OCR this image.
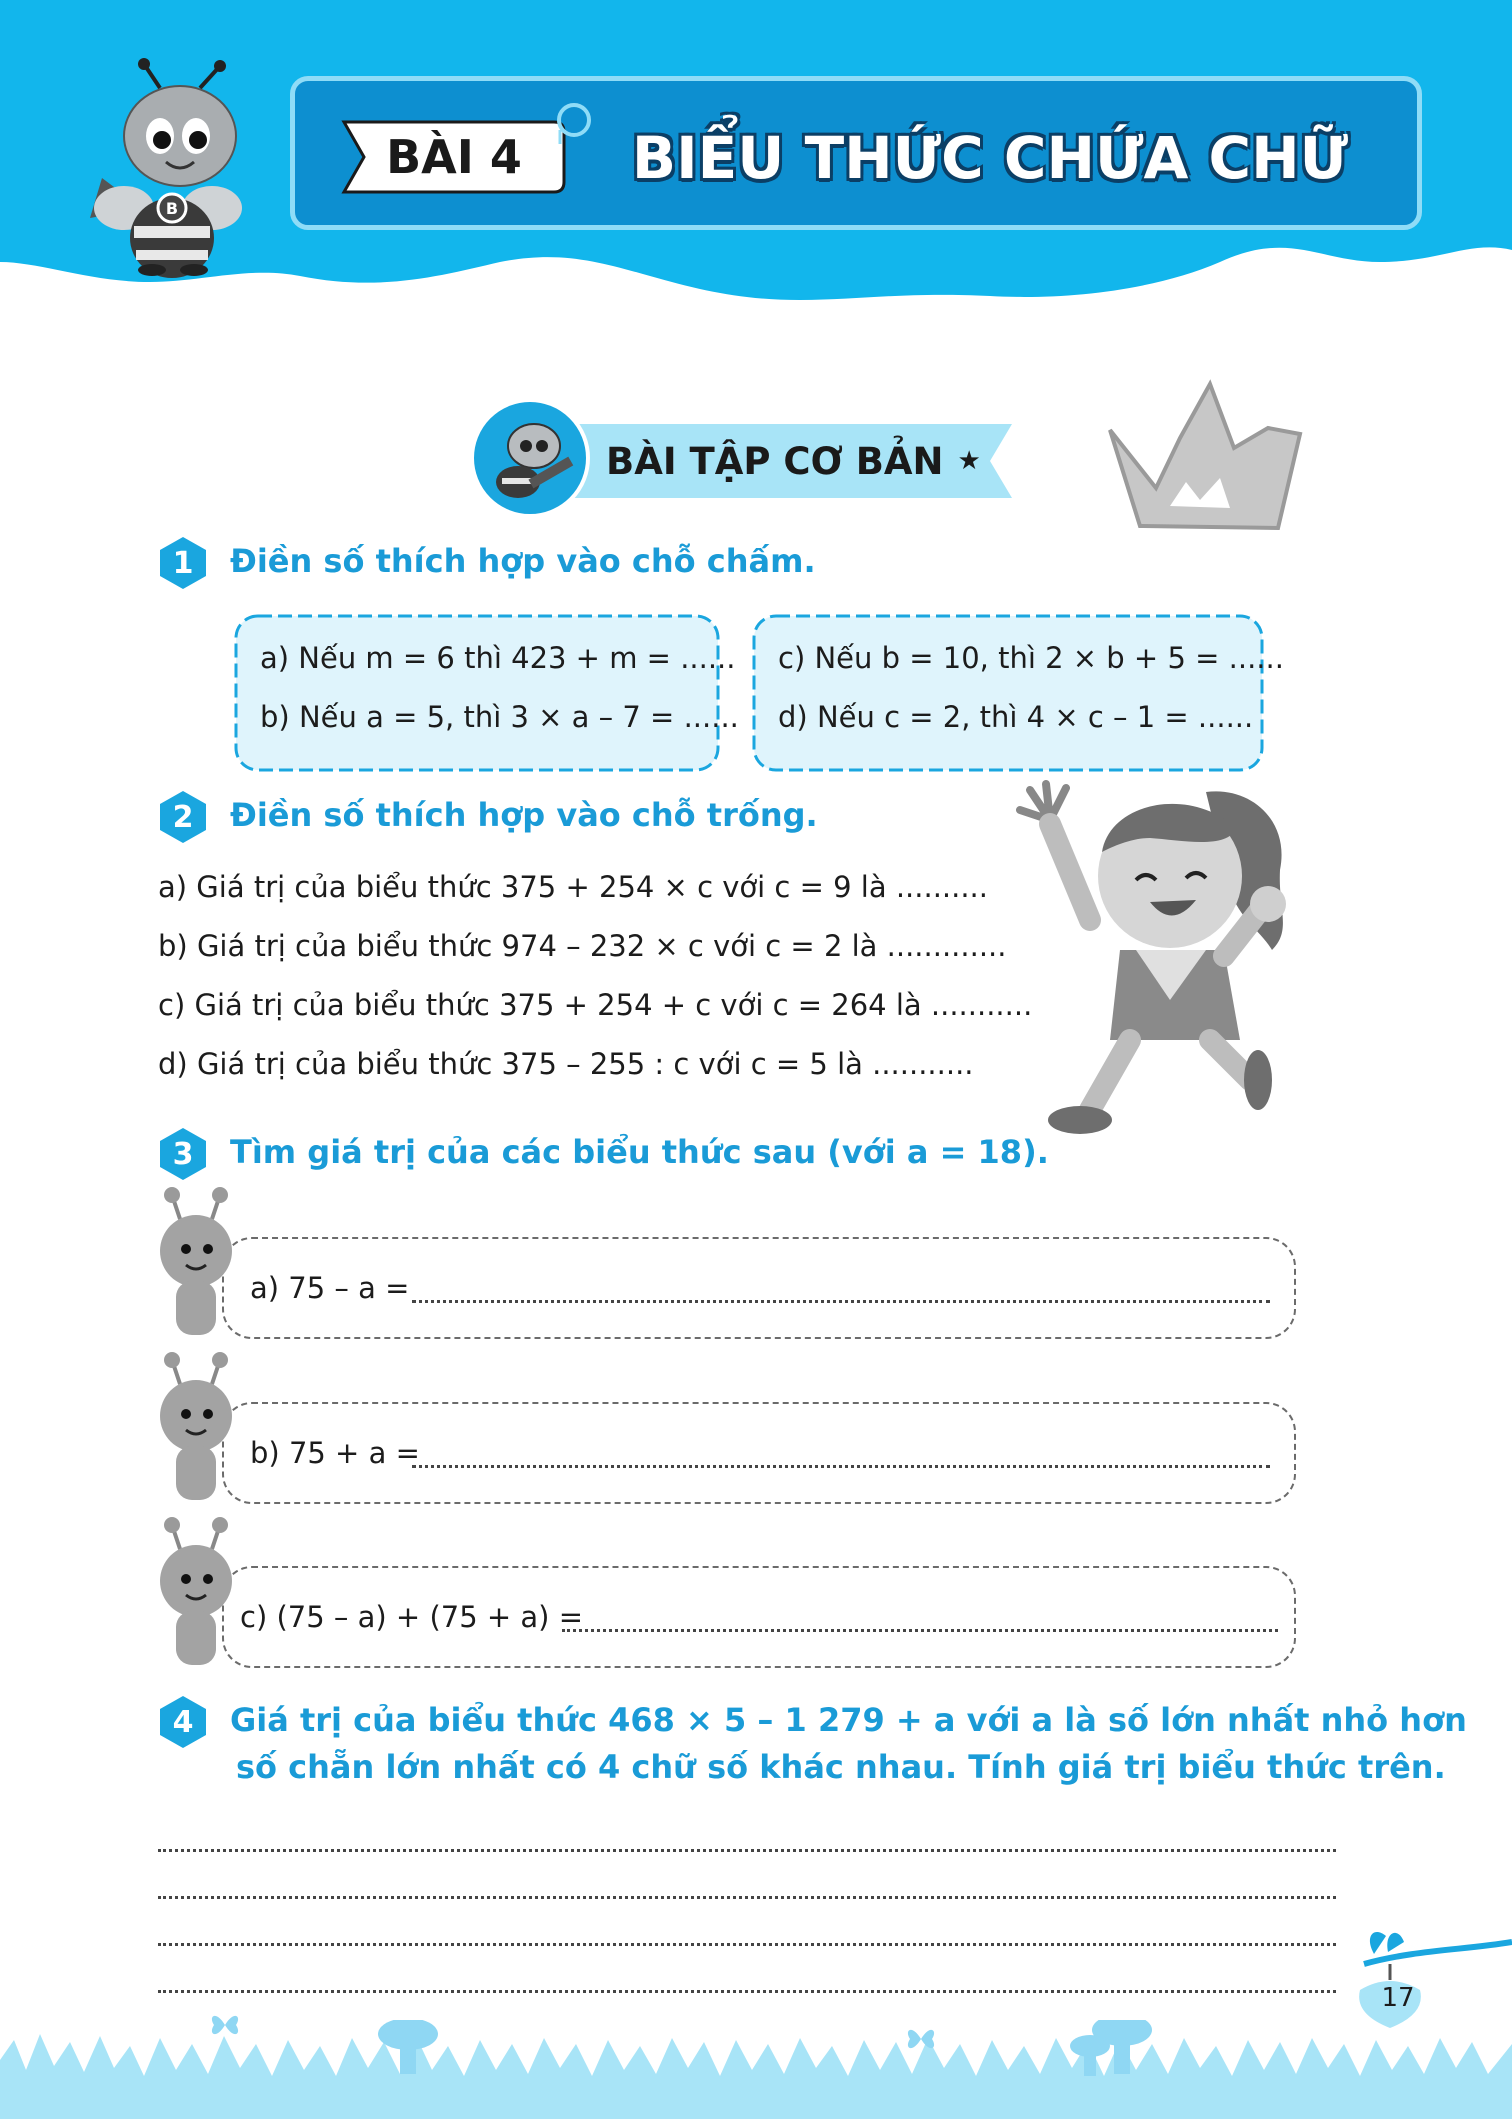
BÀI 4	BIỂU THỨC CHỨA CHỮ
B
BÀI TẬP CƠ BẢN ★
1	Điền số thích hợp vào chỗ chấm.
a) Nếu m = 6 thì 423 + m = ......
b) Nếu a = 5, thì 3 × a – 7 = ......
c) Nếu b = 10, thì 2 × b + 5 = ......
d) Nếu c = 2, thì 4 × c – 1 = ......
2	Điền số thích hợp vào chỗ trống.
a) Giá trị của biểu thức 375 + 254 × c với c = 9 là ..........
b) Giá trị của biểu thức 974 – 232 × c với c = 2 là .............
c) Giá trị của biểu thức 375 + 254 + c với c = 264 là ...........
d) Giá trị của biểu thức 375 – 255 : c với c = 5 là ...........
3	Tìm giá trị của các biểu thức sau (với a = 18).
a) 75 – a =
b) 75 + a =
c) (75 – a) + (75 + a) =
4	Giá trị của biểu thức 468 × 5 – 1 279 + a với a là số lớn nhất nhỏ hơn
số chẵn lớn nhất có 4 chữ số khác nhau. Tính giá trị biểu thức trên.
17
